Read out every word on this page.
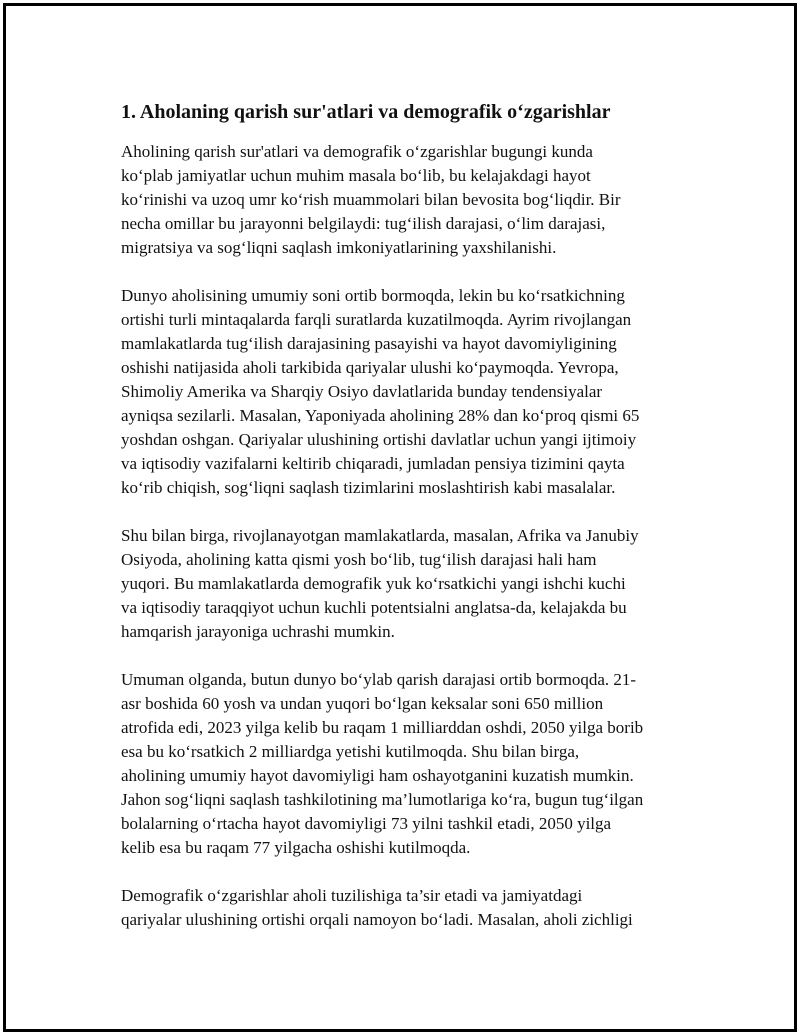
1. Aholaning qarish sur'atlari va demografik o‘zgarishlar

Aholining qarish sur'atlari va demografik o‘zgarishlar bugungi kunda
ko‘plab jamiyatlar uchun muhim masala bo‘lib, bu kelajakdagi hayot
ko‘rinishi va uzoq umr ko‘rish muammolari bilan bevosita bog‘liqdir. Bir
necha omillar bu jarayonni belgilaydi: tug‘ilish darajasi, o‘lim darajasi,
migratsiya va sog‘liqni saqlash imkoniyatlarining yaxshilanishi.

Dunyo aholisining umumiy soni ortib bormoqda, lekin bu ko‘rsatkichning
ortishi turli mintaqalarda farqli suratlarda kuzatilmoqda. Ayrim rivojlangan
mamlakatlarda tug‘ilish darajasining pasayishi va hayot davomiyligining
oshishi natijasida aholi tarkibida qariyalar ulushi ko‘paymoqda. Yevropa,
Shimoliy Amerika va Sharqiy Osiyo davlatlarida bunday tendensiyalar
ayniqsa sezilarli. Masalan, Yaponiyada aholining 28% dan ko‘proq qismi 65
yoshdan oshgan. Qariyalar ulushining ortishi davlatlar uchun yangi ijtimoiy
va iqtisodiy vazifalarni keltirib chiqaradi, jumladan pensiya tizimini qayta
ko‘rib chiqish, sog‘liqni saqlash tizimlarini moslashtirish kabi masalalar.

Shu bilan birga, rivojlanayotgan mamlakatlarda, masalan, Afrika va Janubiy
Osiyoda, aholining katta qismi yosh bo‘lib, tug‘ilish darajasi hali ham
yuqori. Bu mamlakatlarda demografik yuk ko‘rsatkichi yangi ishchi kuchi
va iqtisodiy taraqqiyot uchun kuchli potentsialni anglatsa-da, kelajakda bu
hamqarish jarayoniga uchrashi mumkin.

Umuman olganda, butun dunyo bo‘ylab qarish darajasi ortib bormoqda. 21-
asr boshida 60 yosh va undan yuqori bo‘lgan keksalar soni 650 million
atrofida edi, 2023 yilga kelib bu raqam 1 milliarddan oshdi, 2050 yilga borib
esa bu ko‘rsatkich 2 milliardga yetishi kutilmoqda. Shu bilan birga,
aholining umumiy hayot davomiyligi ham oshayotganini kuzatish mumkin.
Jahon sog‘liqni saqlash tashkilotining ma’lumotlariga ko‘ra, bugun tug‘ilgan
bolalarning o‘rtacha hayot davomiyligi 73 yilni tashkil etadi, 2050 yilga
kelib esa bu raqam 77 yilgacha oshishi kutilmoqda.

Demografik o‘zgarishlar aholi tuzilishiga ta’sir etadi va jamiyatdagi
qariyalar ulushining ortishi orqali namoyon bo‘ladi. Masalan, aholi zichligi
